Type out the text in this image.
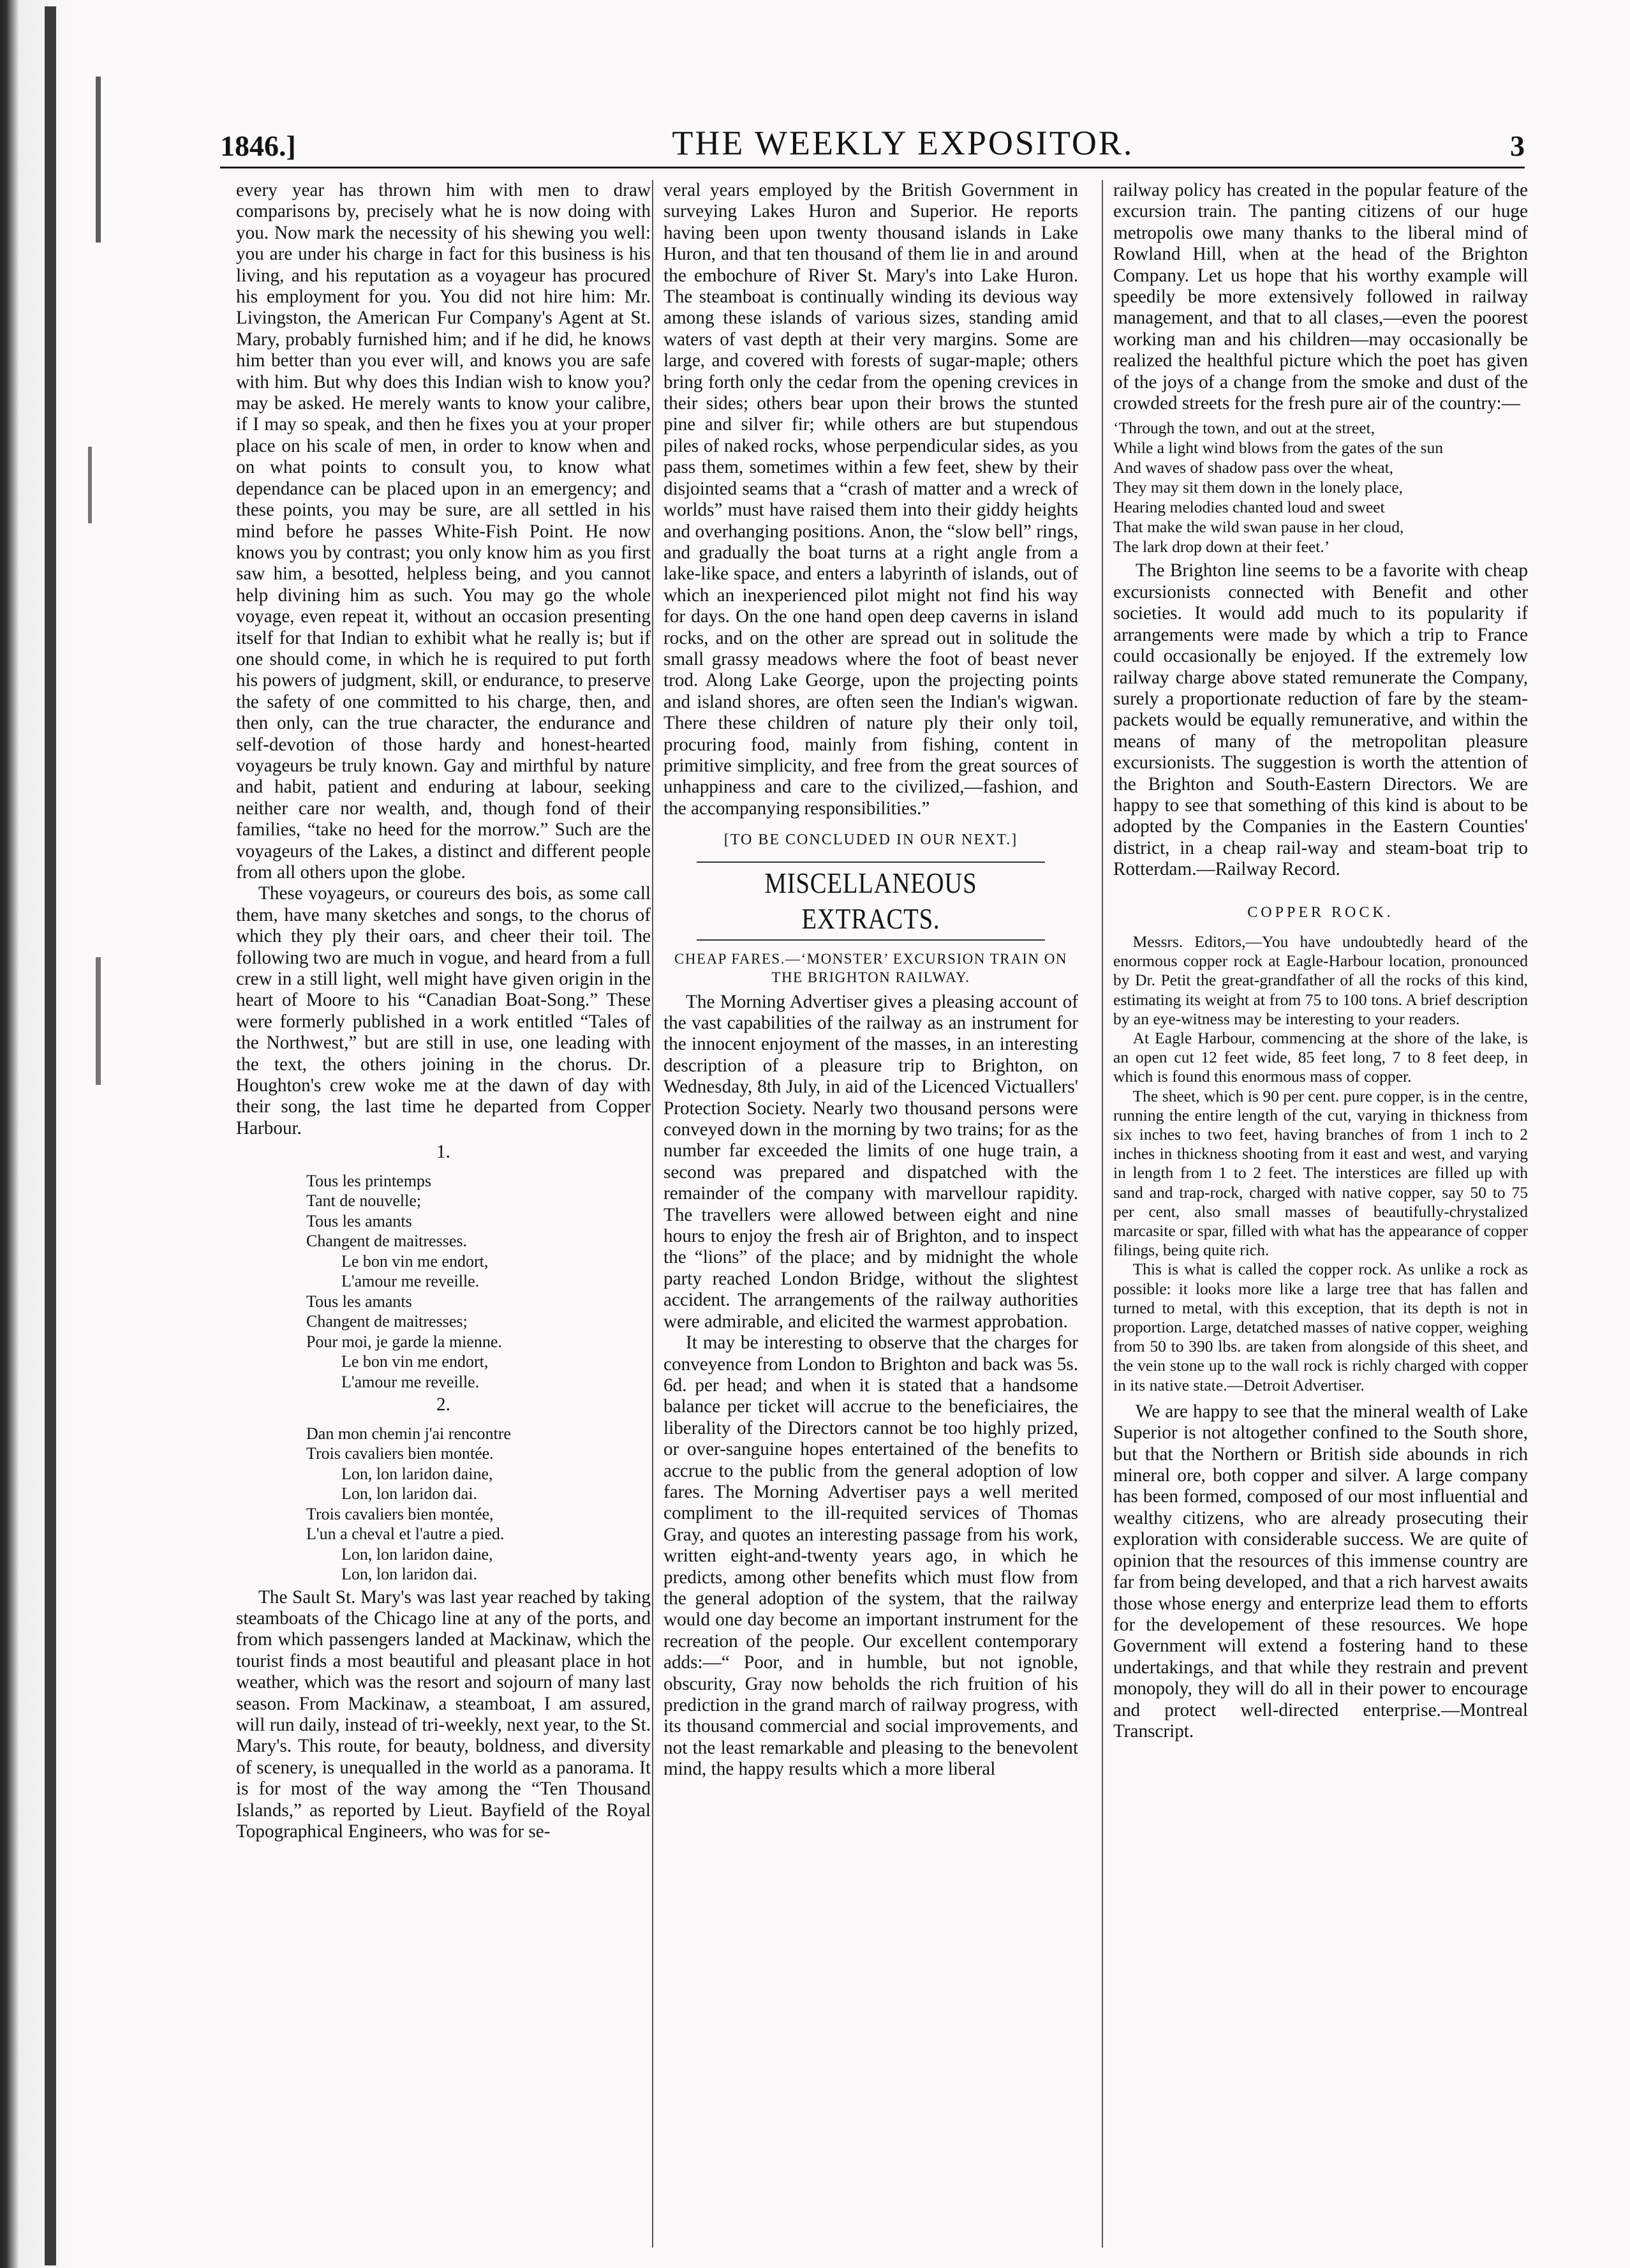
1846.]	THE WEEKLY EXPOSITOR.	3

every year has thrown him with men to draw comparisons by, precisely what he is now doing with you. Now mark the necessity of his shewing you well: you are under his charge in fact for this business is his living, and his reputation as a voyageur has procured his employment for you. You did not hire him: Mr. Livingston, the American Fur Company's Agent at St. Mary, probably furnished him; and if he did, he knows him better than you ever will, and knows you are safe with him. But why does this Indian wish to know you? may be asked. He merely wants to know your calibre, if I may so speak, and then he fixes you at your proper place on his scale of men, in order to know when and on what points to consult you, to know what dependance can be placed upon in an emergency; and these points, you may be sure, are all settled in his mind before he passes White-Fish Point. He now knows you by contrast; you only know him as you first saw him, a besotted, helpless being, and you cannot help divining him as such. You may go the whole voyage, even repeat it, without an occasion presenting itself for that Indian to exhibit what he really is; but if one should come, in which he is required to put forth his powers of judgment, skill, or endurance, to preserve the safety of one committed to his charge, then, and then only, can the true character, the endurance and self-devotion of those hardy and honest-hearted voyageurs be truly known. Gay and mirthful by nature and habit, patient and enduring at labour, seeking neither care nor wealth, and, though fond of their families, “take no heed for the morrow.” Such are the voyageurs of the Lakes, a distinct and different people from all others upon the globe.

These voyageurs, or coureurs des bois, as some call them, have many sketches and songs, to the chorus of which they ply their oars, and cheer their toil. The following two are much in vogue, and heard from a full crew in a still light, well might have given origin in the heart of Moore to his “Canadian Boat-Song.” These were formerly published in a work entitled “Tales of the Northwest,” but are still in use, one leading with the text, the others joining in the chorus. Dr. Houghton's crew woke me at the dawn of day with their song, the last time he departed from Copper Harbour.

1.
Tous les printemps
Tant de nouvelle;
Tous les amants
Changent de maitresses.
Le bon vin me endort,
L'amour me reveille.
Tous les amants
Changent de maitresses;
Pour moi, je garde la mienne.
Le bon vin me endort,
L'amour me reveille.
2.
Dan mon chemin j'ai rencontre
Trois cavaliers bien montée.
Lon, lon laridon daine,
Lon, lon laridon dai.
Trois cavaliers bien montée,
L'un a cheval et l'autre a pied.
Lon, lon laridon daine,
Lon, lon laridon dai.

The Sault St. Mary's was last year reached by taking steamboats of the Chicago line at any of the ports, and from which passengers landed at Mackinaw, which the tourist finds a most beautiful and pleasant place in hot weather, which was the resort and sojourn of many last season. From Mackinaw, a steamboat, I am assured, will run daily, instead of tri-weekly, next year, to the St. Mary's. This route, for beauty, boldness, and diversity of scenery, is unequalled in the world as a panorama. It is for most of the way among the “Ten Thousand Islands,” as reported by Lieut. Bayfield of the Royal Topographical Engineers, who was for se-

veral years employed by the British Government in surveying Lakes Huron and Superior. He reports having been upon twenty thousand islands in Lake Huron, and that ten thousand of them lie in and around the embochure of River St. Mary's into Lake Huron. The steamboat is continually winding its devious way among these islands of various sizes, standing amid waters of vast depth at their very margins. Some are large, and covered with forests of sugar-maple; others bring forth only the cedar from the opening crevices in their sides; others bear upon their brows the stunted pine and silver fir; while others are but stupendous piles of naked rocks, whose perpendicular sides, as you pass them, sometimes within a few feet, shew by their disjointed seams that a “crash of matter and a wreck of worlds” must have raised them into their giddy heights and overhanging positions. Anon, the “slow bell” rings, and gradually the boat turns at a right angle from a lake-like space, and enters a labyrinth of islands, out of which an inexperienced pilot might not find his way for days. On the one hand open deep caverns in island rocks, and on the other are spread out in solitude the small grassy meadows where the foot of beast never trod. Along Lake George, upon the projecting points and island shores, are often seen the Indian's wigwan. There these children of nature ply their only toil, procuring food, mainly from fishing, content in primitive simplicity, and free from the great sources of unhappiness and care to the civilized,—fashion, and the accompanying responsibilities.”

[TO BE CONCLUDED IN OUR NEXT.]
MISCELLANEOUS EXTRACTS.
CHEAP FARES.—‘MONSTER’ EXCURSION TRAIN ON THE BRIGHTON RAILWAY.

The Morning Advertiser gives a pleasing account of the vast capabilities of the railway as an instrument for the innocent enjoyment of the masses, in an interesting description of a pleasure trip to Brighton, on Wednesday, 8th July, in aid of the Licenced Victuallers' Protection Society. Nearly two thousand persons were conveyed down in the morning by two trains; for as the number far exceeded the limits of one huge train, a second was prepared and dispatched with the remainder of the company with marvellour rapidity. The travellers were allowed between eight and nine hours to enjoy the fresh air of Brighton, and to inspect the “lions” of the place; and by midnight the whole party reached London Bridge, without the slightest accident. The arrangements of the railway authorities were admirable, and elicited the warmest approbation.

It may be interesting to observe that the charges for conveyence from London to Brighton and back was 5s. 6d. per head; and when it is stated that a handsome balance per ticket will accrue to the beneficiaires, the liberality of the Directors cannot be too highly prized, or over-sanguine hopes entertained of the benefits to accrue to the public from the general adoption of low fares. The Morning Advertiser pays a well merited compliment to the ill-requited services of Thomas Gray, and quotes an interesting passage from his work, written eight-and-twenty years ago, in which he predicts, among other benefits which must flow from the general adoption of the system, that the railway would one day become an important instrument for the recreation of the people. Our excellent contemporary adds:—“ Poor, and in humble, but not ignoble, obscurity, Gray now beholds the rich fruition of his prediction in the grand march of railway progress, with its thousand commercial and social improvements, and not the least remarkable and pleasing to the benevolent mind, the happy results which a more liberal

railway policy has created in the popular feature of the excursion train. The panting citizens of our huge metropolis owe many thanks to the liberal mind of Rowland Hill, when at the head of the Brighton Company. Let us hope that his worthy example will speedily be more extensively followed in railway management, and that to all clases,—even the poorest working man and his children—may occasionally be realized the healthful picture which the poet has given of the joys of a change from the smoke and dust of the crowded streets for the fresh pure air of the country:—

‘Through the town, and out at the street,
While a light wind blows from the gates of the sun
And waves of shadow pass over the wheat,
They may sit them down in the lonely place,
Hearing melodies chanted loud and sweet
That make the wild swan pause in her cloud,
The lark drop down at their feet.’

The Brighton line seems to be a favorite with cheap excursionists connected with Benefit and other societies. It would add much to its popularity if arrangements were made by which a trip to France could occasionally be enjoyed. If the extremely low railway charge above stated remunerate the Company, surely a proportionate reduction of fare by the steam-packets would be equally remunerative, and within the means of many of the metropolitan pleasure excursionists. The suggestion is worth the attention of the Brighton and South-Eastern Directors. We are happy to see that something of this kind is about to be adopted by the Companies in the Eastern Counties' district, in a cheap rail-way and steam-boat trip to Rotterdam.—Railway Record.

COPPER ROCK.

Messrs. Editors,—You have undoubtedly heard of the enormous copper rock at Eagle-Harbour location, pronounced by Dr. Petit the great-grandfather of all the rocks of this kind, estimating its weight at from 75 to 100 tons. A brief description by an eye-witness may be interesting to your readers.

At Eagle Harbour, commencing at the shore of the lake, is an open cut 12 feet wide, 85 feet long, 7 to 8 feet deep, in which is found this enormous mass of copper.

The sheet, which is 90 per cent. pure copper, is in the centre, running the entire length of the cut, varying in thickness from six inches to two feet, having branches of from 1 inch to 2 inches in thickness shooting from it east and west, and varying in length from 1 to 2 feet. The interstices are filled up with sand and trap-rock, charged with native copper, say 50 to 75 per cent, also small masses of beautifully-chrystalized marcasite or spar, filled with what has the appearance of copper filings, being quite rich.

This is what is called the copper rock. As unlike a rock as possible: it looks more like a large tree that has fallen and turned to metal, with this exception, that its depth is not in proportion. Large, detatched masses of native copper, weighing from 50 to 390 lbs. are taken from alongside of this sheet, and the vein stone up to the wall rock is richly charged with copper in its native state.—Detroit Advertiser.

We are happy to see that the mineral wealth of Lake Superior is not altogether confined to the South shore, but that the Northern or British side abounds in rich mineral ore, both copper and silver. A large company has been formed, composed of our most influential and wealthy citizens, who are already prosecuting their exploration with considerable success. We are quite of opinion that the resources of this immense country are far from being developed, and that a rich harvest awaits those whose energy and enterprize lead them to efforts for the developement of these resources. We hope Government will extend a fostering hand to these undertakings, and that while they restrain and prevent monopoly, they will do all in their power to encourage and protect well-directed enterprise.—Montreal Transcript.
